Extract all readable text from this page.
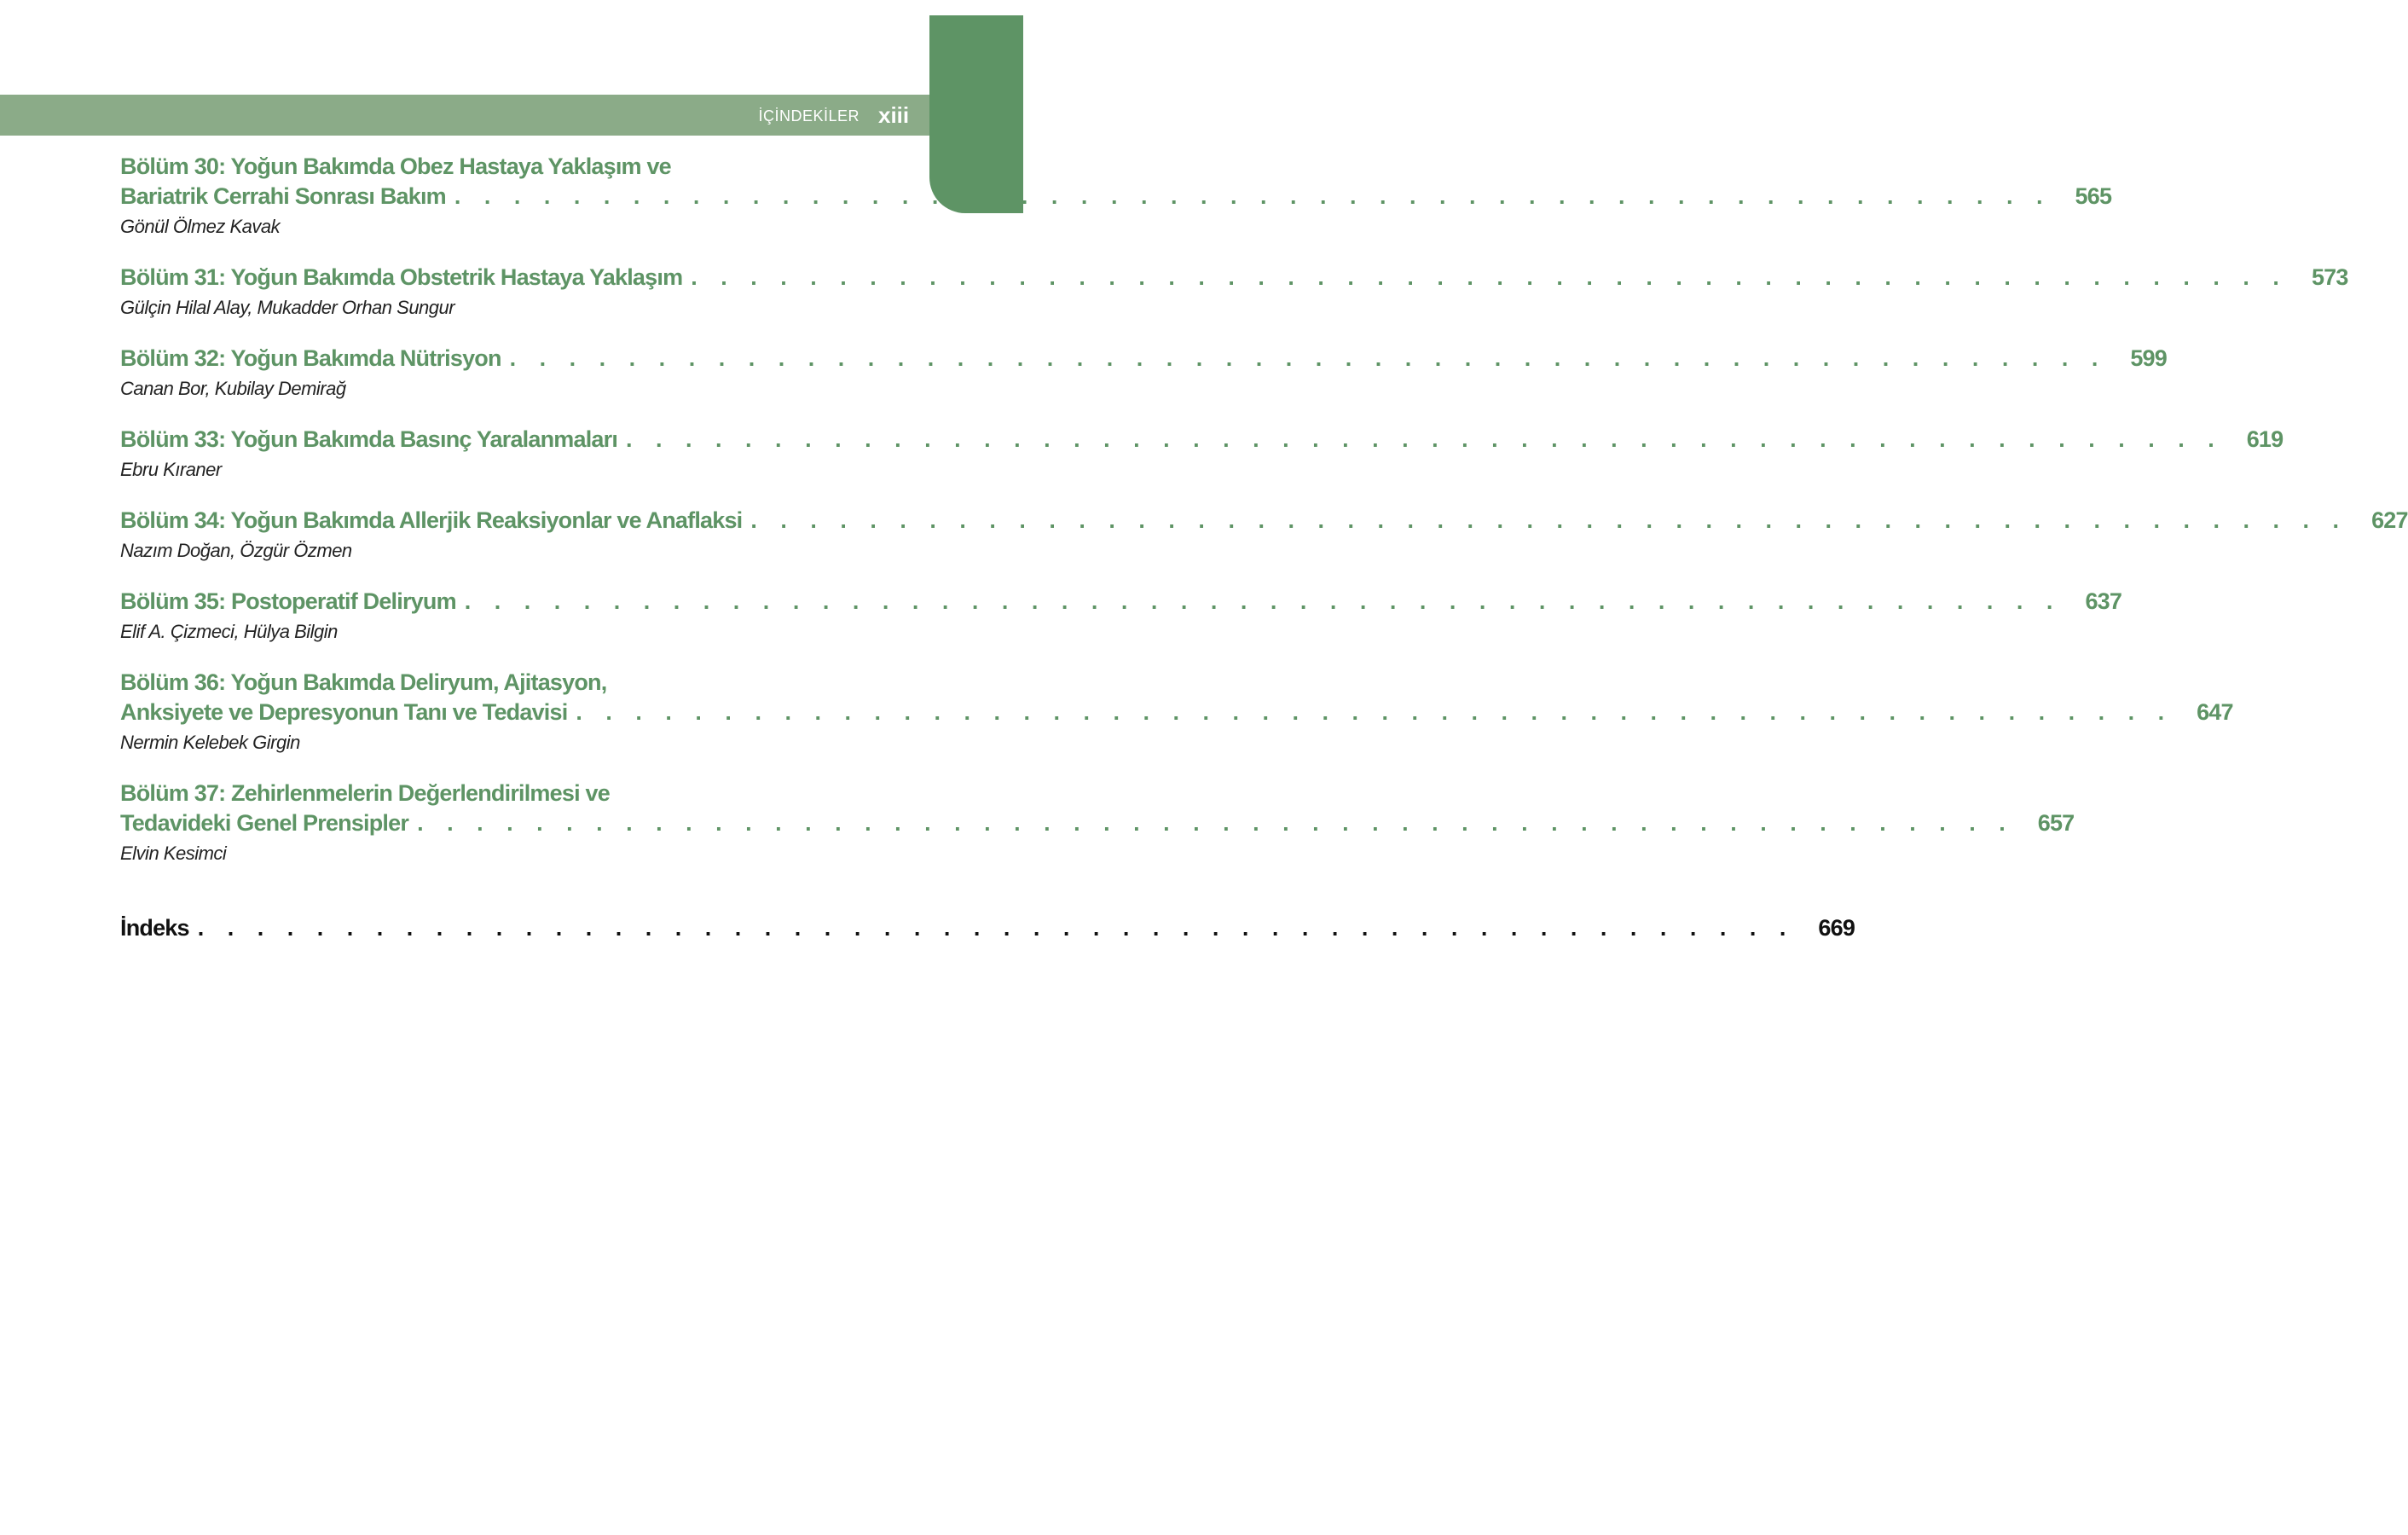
İÇİNDEKİLER xiii
Bölüm 30: Yoğun Bakımda Obez Hastaya Yaklaşım ve
Bariatrik Cerrahi Sonrası Bakım . . . . . . . . . . . . . . . . . . . . . . . . . . . . . . . . . . . . . . . . . . . . . . . . . . . . . . 565
Gönül Ölmez Kavak
Bölüm 31: Yoğun Bakımda Obstetrik Hastaya Yaklaşım . . . . . . . . . . . . . . . . . . . . . . . . . . . . . . . . . . . . . . . . . . . . . . . . . . . . . . 573
Gülçin Hilal Alay, Mukadder Orhan Sungur
Bölüm 32: Yoğun Bakımda Nütrisyon . . . . . . . . . . . . . . . . . . . . . . . . . . . . . . . . . . . . . . . . . . . . . . . . . . . . . . 599
Canan Bor, Kubilay Demirağ
Bölüm 33: Yoğun Bakımda Basınç Yaralanmaları . . . . . . . . . . . . . . . . . . . . . . . . . . . . . . . . . . . . . . . . . . . . . . . . . . . . . . 619
Ebru Kıraner
Bölüm 34: Yoğun Bakımda Allerjik Reaksiyonlar ve Anaflaksi . . . . . . . . . . . . . . . . . . . . . . . . . . . . . . . . . . . . . . . . . . . . . . . . . . . . . . 627
Nazım Doğan, Özgür Özmen
Bölüm 35: Postoperatif Deliryum . . . . . . . . . . . . . . . . . . . . . . . . . . . . . . . . . . . . . . . . . . . . . . . . . . . . . . 637
Elif A. Çizmeci, Hülya Bilgin
Bölüm 36: Yoğun Bakımda Deliryum, Ajitasyon,
Anksiyete ve Depresyonun Tanı ve Tedavisi . . . . . . . . . . . . . . . . . . . . . . . . . . . . . . . . . . . . . . . . . . . . . . . . . . . . . . 647
Nermin Kelebek Girgin
Bölüm 37: Zehirlenmelerin Değerlendirilmesi ve
Tedavideki Genel Prensipler . . . . . . . . . . . . . . . . . . . . . . . . . . . . . . . . . . . . . . . . . . . . . . . . . . . . . . 657
Elvin Kesimci
İndeks . . . . . . . . . . . . . . . . . . . . . . . . . . . . . . . . . . . . . . . . . . . . . . . . . . . . . . 669
